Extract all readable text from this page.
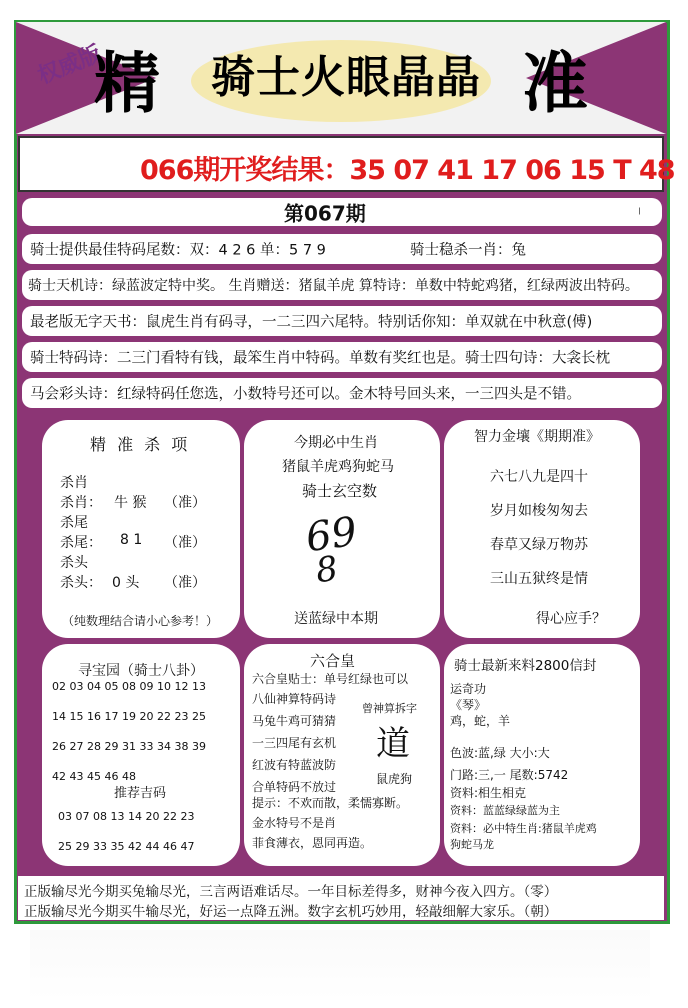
权威版
精	准
骑士火眼晶晶
066期开奖结果：35 07 41 17 06 15 T 48
第067期	I
骑士提供最佳特码尾数：双：4 2 6 单：5 7 9	骑士稳杀一肖：兔
骑士天机诗：绿蓝波定特中奖。 生肖赠送：猪鼠羊虎 算特诗：单数中特蛇鸡猪，红绿两波出特码。
最老版无字天书：鼠虎生肖有码寻，一二三四六尾特。特别话你知：单双就在中秋意(傅)
骑士特码诗：二三门看特有钱，最笨生肖中特码。单数有奖红也是。骑士四句诗：大衾长枕
马会彩头诗：红绿特码任您选，小数特号还可以。金木特号回头来，一三四头是不错。
精 准 杀 项
杀肖
杀肖： 牛 猴 （准）
杀尾
杀尾： 8 1 （准）
杀头
杀头： 0 头 （准）
（纯数理结合请小心参考！）
今期必中生肖
猪鼠羊虎鸡狗蛇马
骑士玄空数
69
8
送蓝绿中本期
智力金壤《期期准》
六七八九是四十
岁月如梭匆匆去
春草又绿万物苏
三山五狱终是情
得心应手？
寻宝园（骑士八卦）
02 03 04 05 08 09 10 12 13
14 15 16 17 19 20 22 23 25
26 27 28 29 31 33 34 38 39
42 43 45 46 48
推荐吉码
03 07 08 13 14 20 22 23
25 29 33 35 42 44 46 47
六合皇
六合皇贴士：单号红绿也可以
八仙神算特码诗
马兔牛鸡可猜猜
一三四尾有玄机
红波有特蓝波防
合单特码不放过
曾神算拆字
道
鼠虎狗
提示：不欢而散，柔懦寡断。
金水特号不是肖
菲食薄衣，恩同再造。
骑士最新来料2800信封
运奇功
《琴》
鸡，蛇，羊
色波:蓝,绿 大小:大
门路:三,一 尾数:5742
资料:相生相克
资料：蓝蓝绿绿蓝为主
资料：必中特生肖:猪鼠羊虎鸡
狗蛇马龙
正版输尽光今期买兔输尽光，三言两语难话尽。一年目标差得多，财神今夜入四方。（零）
正版输尽光今期买牛输尽光，好运一点降五洲。数字玄机巧妙用，轻敲细解大家乐。（朝）
